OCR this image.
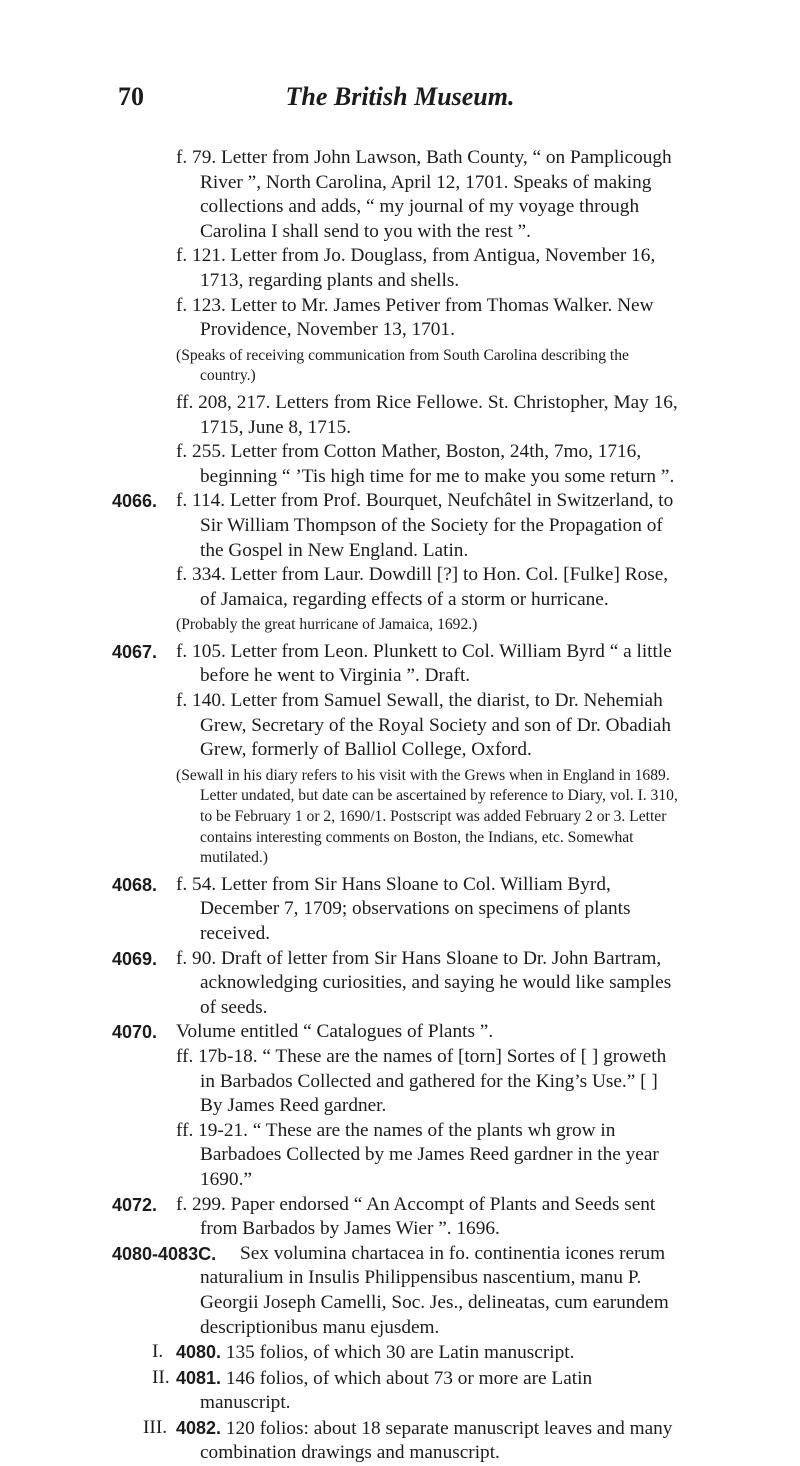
70	The British Museum.
f. 79. Letter from John Lawson, Bath County, “ on Pamplicough River ”, North Carolina, April 12, 1701. Speaks of making collections and adds, “ my journal of my voyage through Carolina I shall send to you with the rest ”.
f. 121. Letter from Jo. Douglass, from Antigua, November 16, 1713, regarding plants and shells.
f. 123. Letter to Mr. James Petiver from Thomas Walker. New Providence, November 13, 1701.
(Speaks of receiving communication from South Carolina describing the country.)
ff. 208, 217. Letters from Rice Fellowe. St. Christopher, May 16, 1715, June 8, 1715.
f. 255. Letter from Cotton Mather, Boston, 24th, 7mo, 1716, beginning “ ’Tis high time for me to make you some return ”.
4066. f. 114. Letter from Prof. Bourquet, Neufchâtel in Switzerland, to Sir William Thompson of the Society for the Propagation of the Gospel in New England. Latin.
f. 334. Letter from Laur. Dowdill [?] to Hon. Col. [Fulke] Rose, of Jamaica, regarding effects of a storm or hurricane.
(Probably the great hurricane of Jamaica, 1692.)
4067. f. 105. Letter from Leon. Plunkett to Col. William Byrd “ a little before he went to Virginia ”. Draft.
f. 140. Letter from Samuel Sewall, the diarist, to Dr. Nehemiah Grew, Secretary of the Royal Society and son of Dr. Obadiah Grew, formerly of Balliol College, Oxford.
(Sewall in his diary refers to his visit with the Grews when in England in 1689. Letter undated, but date can be ascertained by reference to Diary, vol. I. 310, to be February 1 or 2, 1690/1. Postscript was added February 2 or 3. Letter contains interesting comments on Boston, the Indians, etc. Somewhat mutilated.)
4068. f. 54. Letter from Sir Hans Sloane to Col. William Byrd, December 7, 1709; observations on specimens of plants received.
4069. f. 90. Draft of letter from Sir Hans Sloane to Dr. John Bartram, acknowledging curiosities, and saying he would like samples of seeds.
4070. Volume entitled “ Catalogues of Plants ”.
ff. 17b-18. “ These are the names of [torn] Sortes of [ ] groweth in Barbados Collected and gathered for the King’s Use.” [ ] By James Reed gardner.
ff. 19-21. “ These are the names of the plants wh grow in Barbadoes Collected by me James Reed gardner in the year 1690.”
4072. f. 299. Paper endorsed “ An Accompt of Plants and Seeds sent from Barbados by James Wier ”. 1696.
4080-4083C.	Sex volumina chartacea in fo. continentia icones rerum naturalium in Insulis Philippensibus nascentium, manu P. Georgii Joseph Camelli, Soc. Jes., delineatas, cum earundem descriptionibus manu ejusdem.
I. 4080. 135 folios, of which 30 are Latin manuscript.
II. 4081. 146 folios, of which about 73 or more are Latin manuscript.
III. 4082. 120 folios: about 18 separate manuscript leaves and many combination drawings and manuscript.
